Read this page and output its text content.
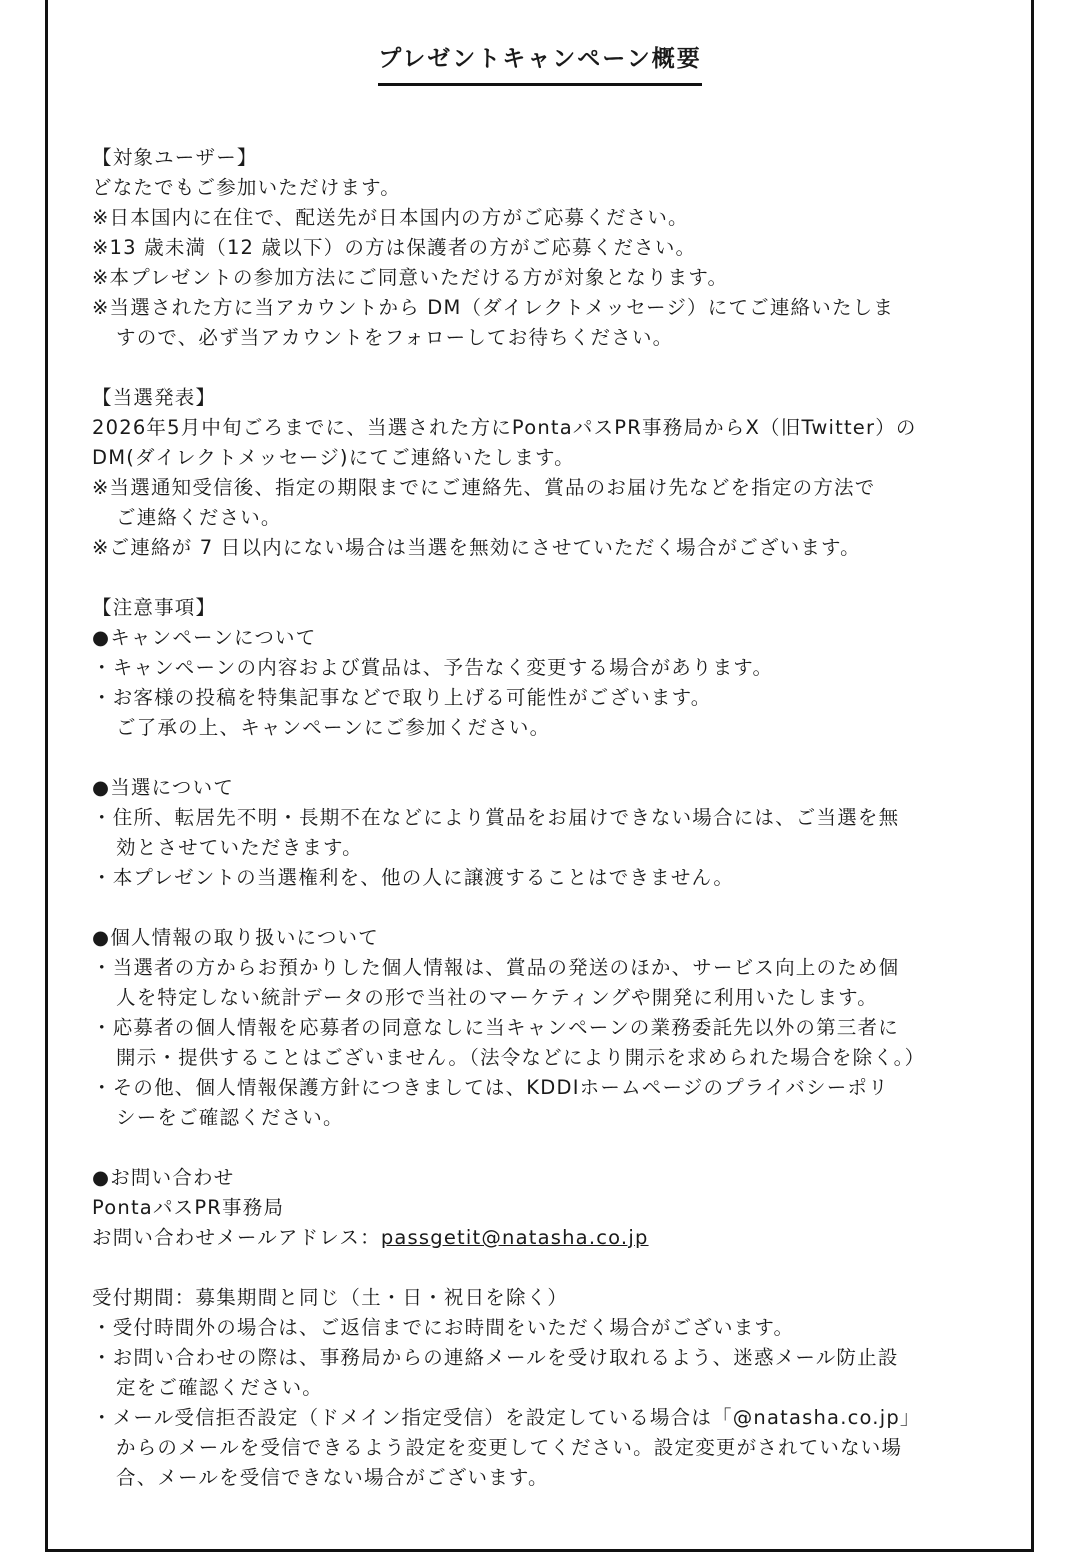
プレゼントキャンペーン概要

【対象ユーザー】

どなたでもご参加いただけます。

※日本国内に在住で、配送先が日本国内の方がご応募ください。

※13 歳未満（12 歳以下）の方は保護者の方がご応募ください。

※本プレゼントの参加方法にご同意いただける方が対象となります。

※当選された方に当アカウントから DM（ダイレクトメッセージ）にてご連絡いたしま

すので、必ず当アカウントをフォローしてお待ちください。

【当選発表】

2026年5月中旬ごろまでに、当選された方にPontaパスPR事務局からX（旧Twitter）の

DM(ダイレクトメッセージ)にてご連絡いたします。

※当選通知受信後、指定の期限までにご連絡先、賞品のお届け先などを指定の方法で

ご連絡ください。

※ご連絡が 7 日以内にない場合は当選を無効にさせていただく場合がございます。

【注意事項】

●キャンペーンについて

・キャンペーンの内容および賞品は、予告なく変更する場合があります。

・お客様の投稿を特集記事などで取り上げる可能性がございます。

ご了承の上、キャンペーンにご参加ください。

●当選について

・住所、転居先不明・長期不在などにより賞品をお届けできない場合には、ご当選を無

効とさせていただきます。

・本プレゼントの当選権利を、他の人に譲渡することはできません。

●個人情報の取り扱いについて

・当選者の方からお預かりした個人情報は、賞品の発送のほか、サービス向上のため個

人を特定しない統計データの形で当社のマーケティングや開発に利用いたします。

・応募者の個人情報を応募者の同意なしに当キャンペーンの業務委託先以外の第三者に

開示・提供することはございません。（法令などにより開示を求められた場合を除く。）

・その他、個人情報保護方針につきましては、KDDIホームページのプライバシーポリ

シーをご確認ください。

●お問い合わせ

PontaパスPR事務局

お問い合わせメールアドレス：passgetit@natasha.co.jp

受付期間：募集期間と同じ（土・日・祝日を除く）

・受付時間外の場合は、ご返信までにお時間をいただく場合がございます。

・お問い合わせの際は、事務局からの連絡メールを受け取れるよう、迷惑メール防止設

定をご確認ください。

・メール受信拒否設定（ドメイン指定受信）を設定している場合は「@natasha.co.jp」

からのメールを受信できるよう設定を変更してください。設定変更がされていない場

合、メールを受信できない場合がございます。
